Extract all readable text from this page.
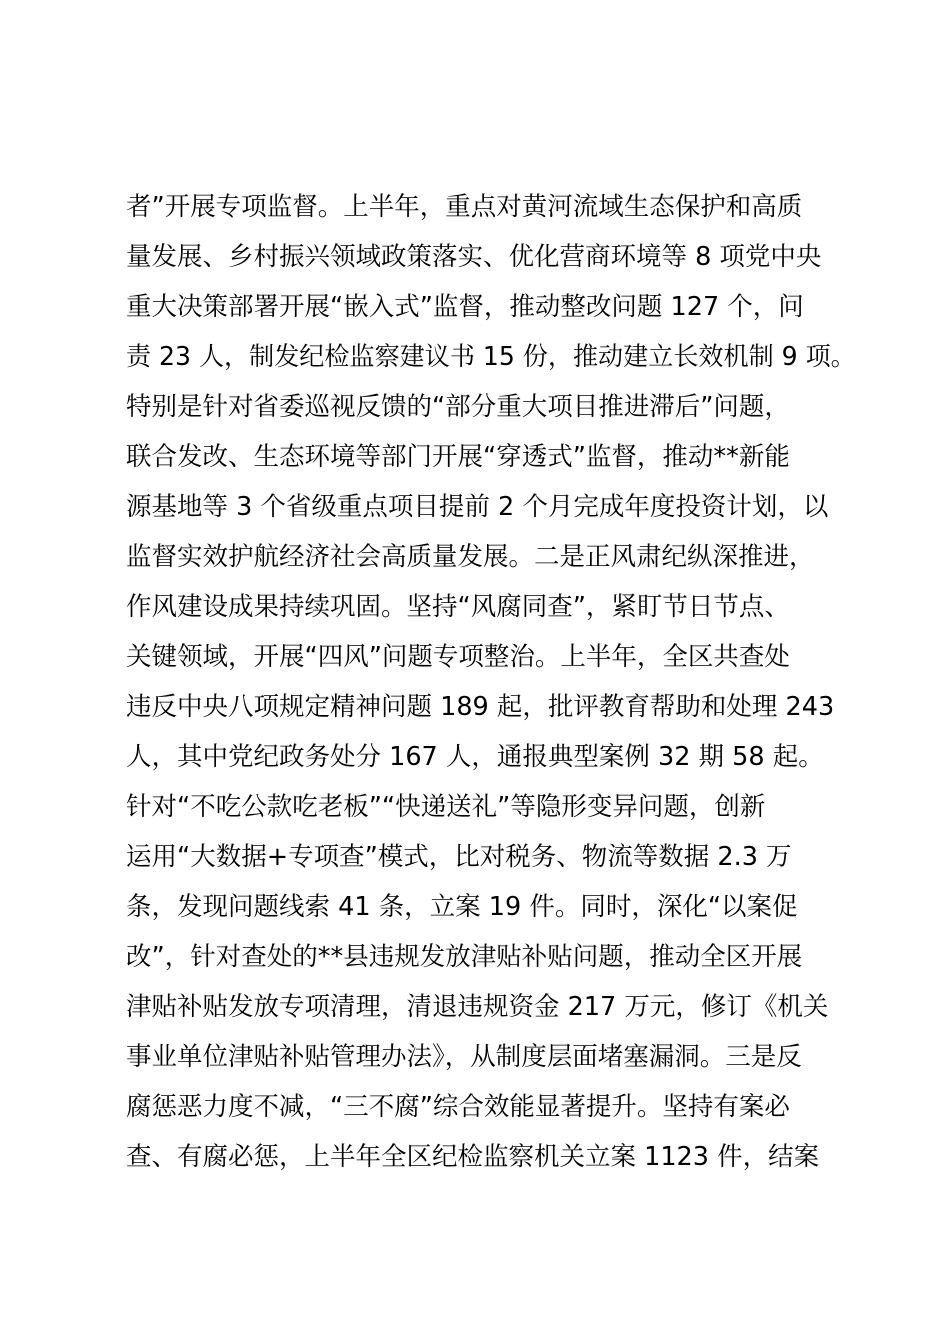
者”开展专项监督。上半年，重点对黄河流域生态保护和高质
量发展、乡村振兴领域政策落实、优化营商环境等 8 项党中央
重大决策部署开展“嵌入式”监督，推动整改问题 127 个，问
责 23 人，制发纪检监察建议书 15 份，推动建立长效机制 9 项。
特别是针对省委巡视反馈的“部分重大项目推进滞后”问题，
联合发改、生态环境等部门开展“穿透式”监督，推动**新能
源基地等 3 个省级重点项目提前 2 个月完成年度投资计划，以
监督实效护航经济社会高质量发展。二是正风肃纪纵深推进，
作风建设成果持续巩固。坚持“风腐同查”，紧盯节日节点、
关键领域，开展“四风”问题专项整治。上半年，全区共查处
违反中央八项规定精神问题 189 起，批评教育帮助和处理 243
人，其中党纪政务处分 167 人，通报典型案例 32 期 58 起。
针对“不吃公款吃老板”“快递送礼”等隐形变异问题，创新
运用“大数据+专项查”模式，比对税务、物流等数据 2.3 万
条，发现问题线索 41 条，立案 19 件。同时，深化“以案促
改”，针对查处的**县违规发放津贴补贴问题，推动全区开展
津贴补贴发放专项清理，清退违规资金 217 万元，修订《机关
事业单位津贴补贴管理办法》，从制度层面堵塞漏洞。三是反
腐惩恶力度不减，“三不腐”综合效能显著提升。坚持有案必
查、有腐必惩，上半年全区纪检监察机关立案 1123 件，结案
